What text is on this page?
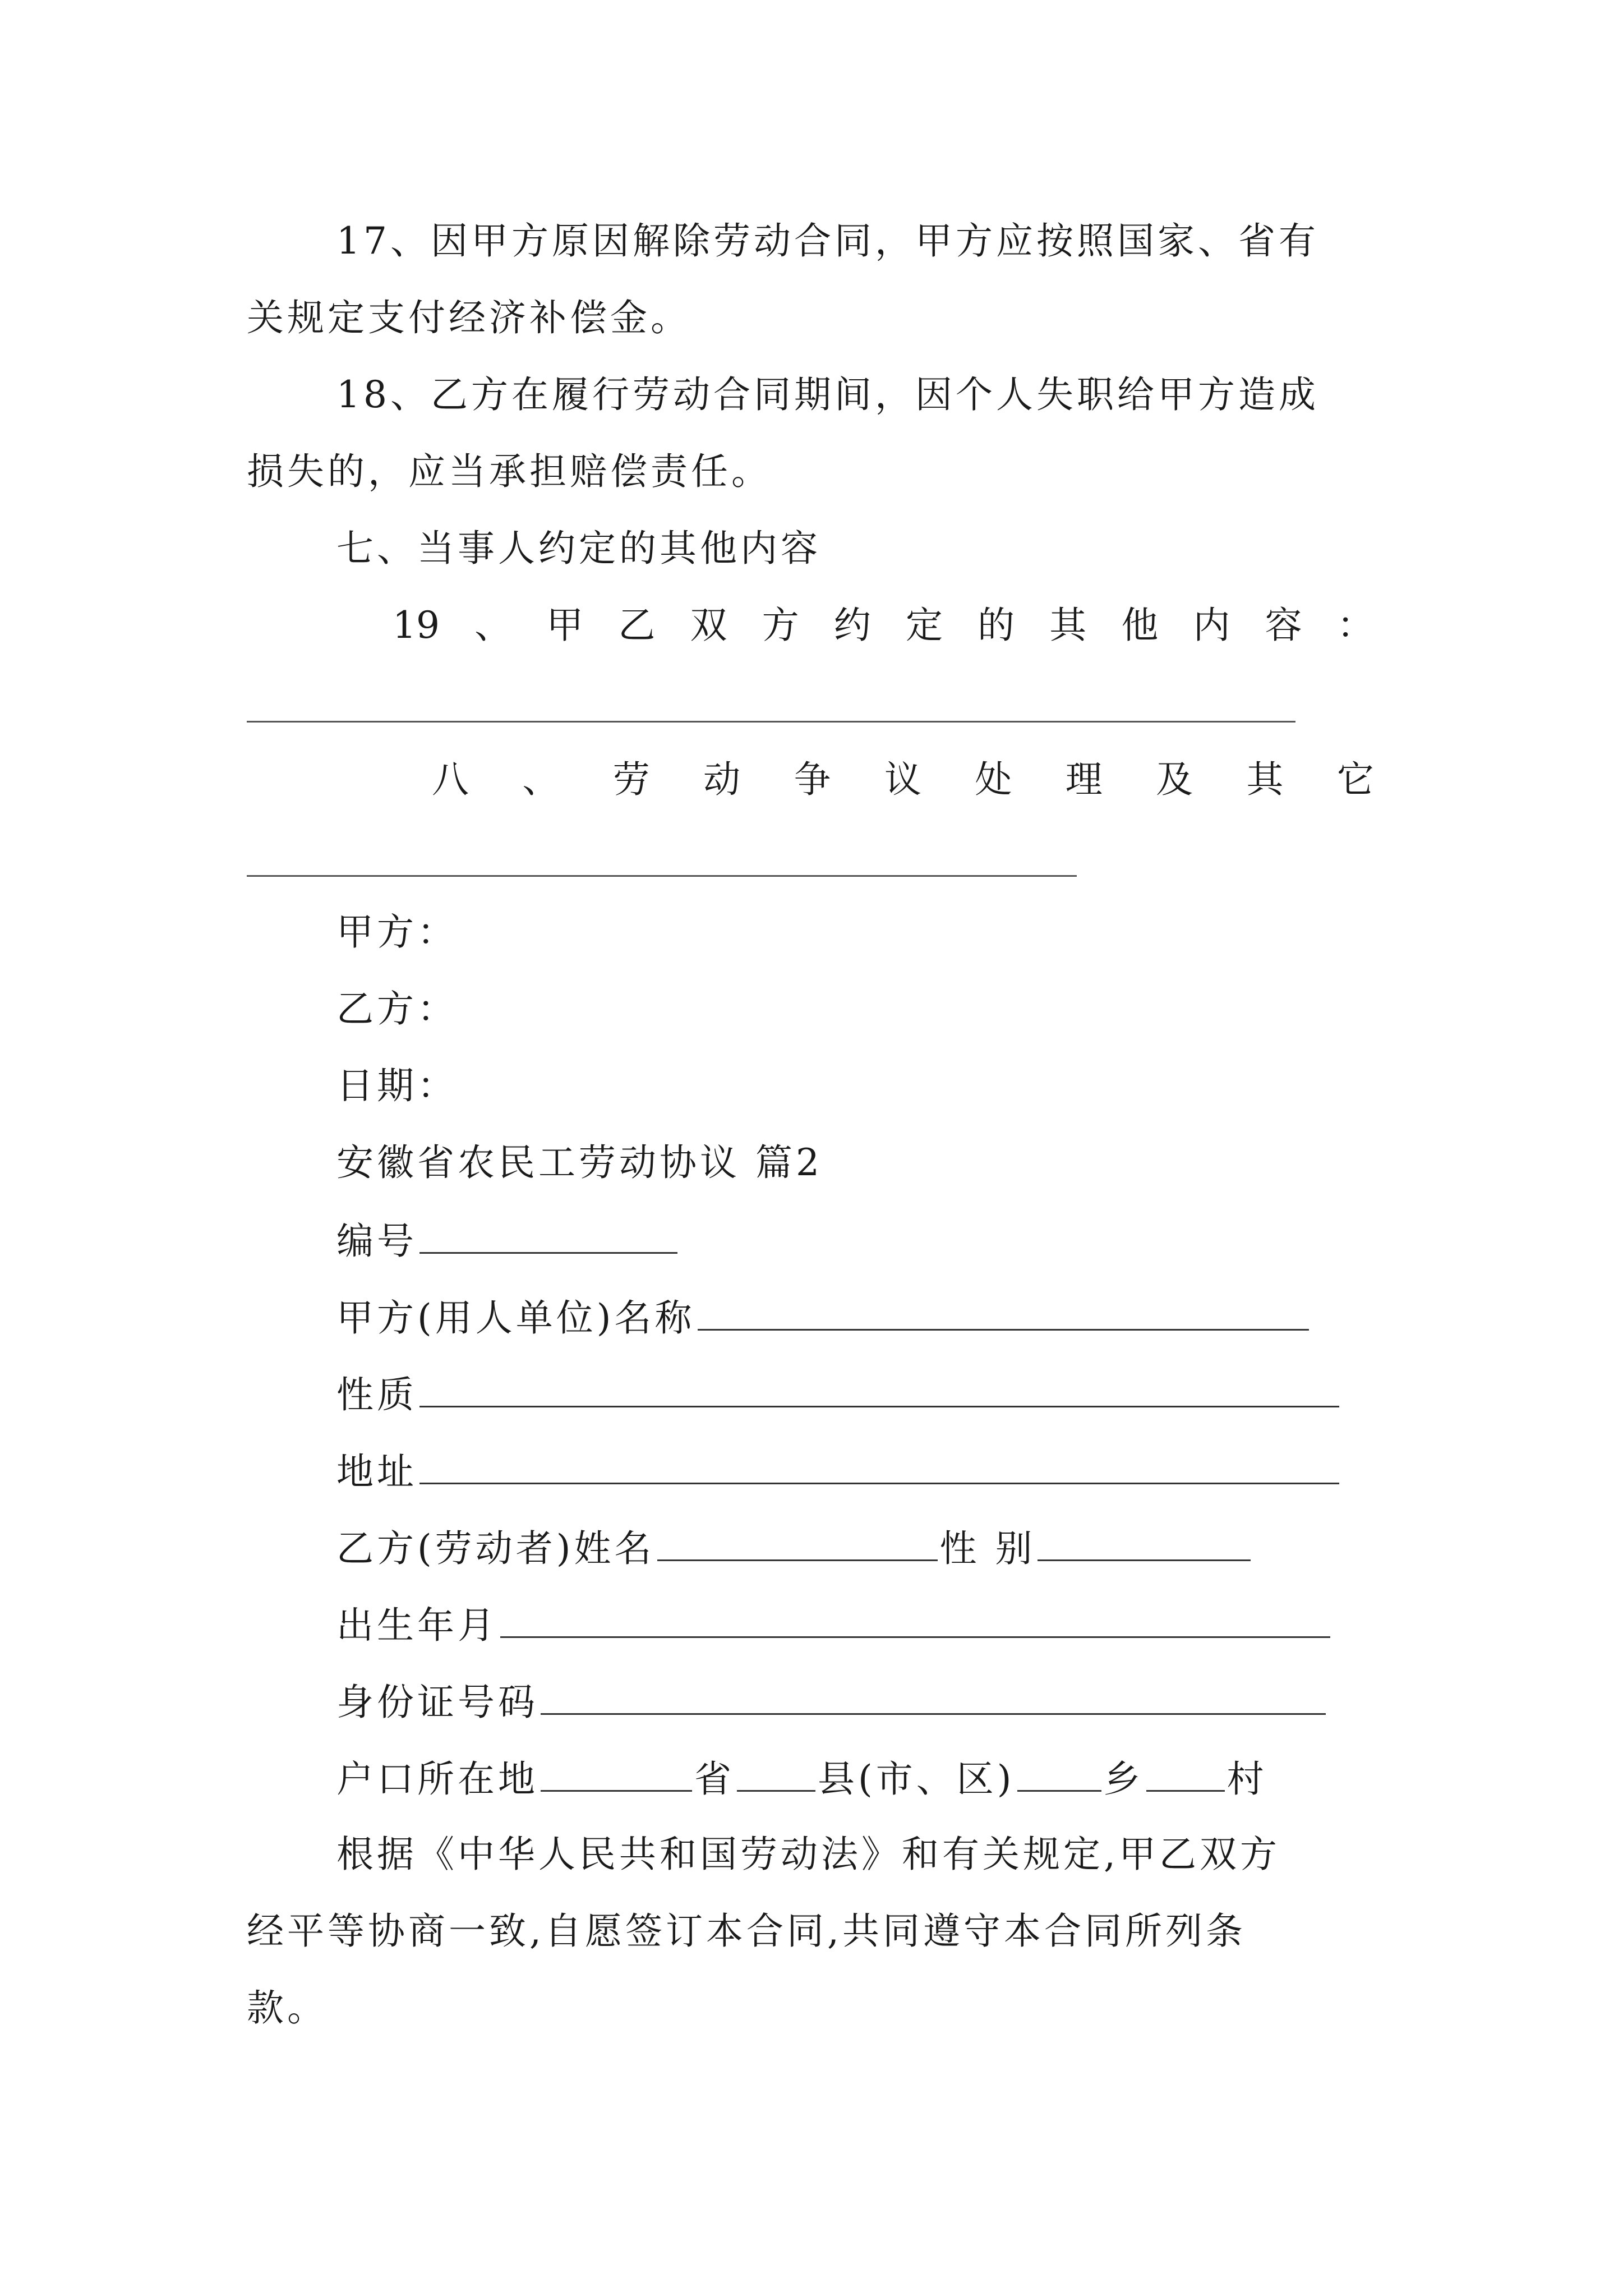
17、因甲方原因解除劳动合同，甲方应按照国家、省有
关规定支付经济补偿金。
18、乙方在履行劳动合同期间，因个人失职给甲方造成
损失的，应当承担赔偿责任。
七、当事人约定的其他内容
19 、 甲 乙 双 方 约 定 的 其 他 内 容 ：
八 、 劳 动 争 议 处 理 及 其 它
甲方：
乙方：
日期：
安徽省农民工劳动协议 篇2
编号
甲方(用人单位)名称
性质
地址
乙方(劳动者)姓名	性 别
出生年月
身份证号码
户口所在地	省 县(市、区) 乡 村
根据《中华人民共和国劳动法》和有关规定,甲乙双方
经平等协商一致,自愿签订本合同,共同遵守本合同所列条
款。
